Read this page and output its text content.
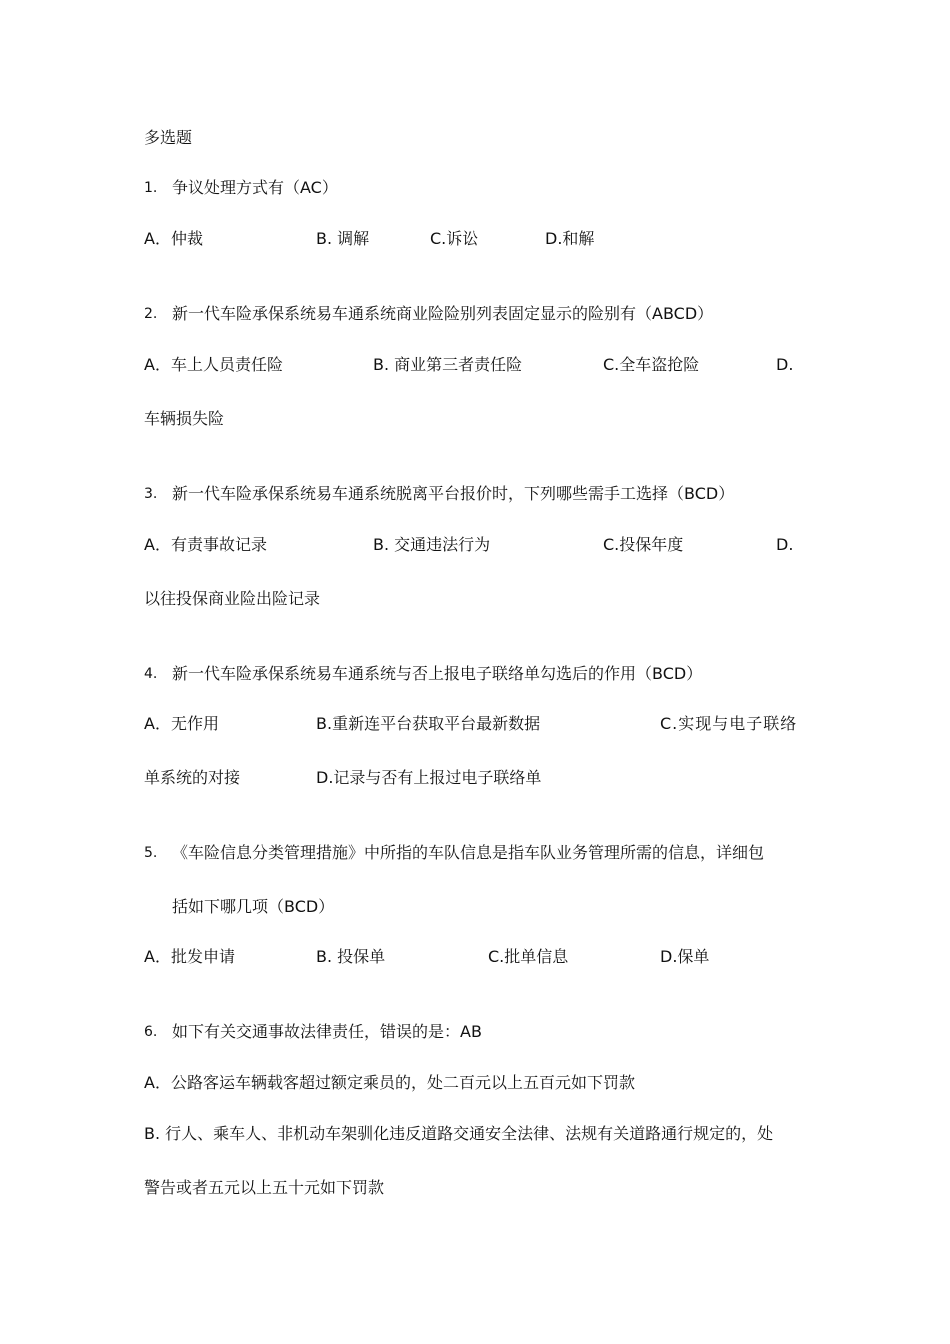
多选题
1. 争议处理方式有（AC）
A．仲裁	B. 调解	C.诉讼	D.和解
2. 新一代车险承保系统易车通系统商业险险别列表固定显示的险别有（ABCD）
A．车上人员责任险	B. 商业第三者责任险	C.全车盗抢险	D.
车辆损失险
3. 新一代车险承保系统易车通系统脱离平台报价时，下列哪些需手工选择（BCD）
A．有责事故记录	B. 交通违法行为	C.投保年度	D.
以往投保商业险出险记录
4. 新一代车险承保系统易车通系统与否上报电子联络单勾选后的作用（BCD）
A．无作用	B.重新连平台获取平台最新数据	C.实现与电子联络
单系统的对接	D.记录与否有上报过电子联络单
5. 《车险信息分类管理措施》中所指的车队信息是指车队业务管理所需的信息，详细包
括如下哪几项（BCD）
A．批发申请	B. 投保单	C.批单信息	D.保单
6. 如下有关交通事故法律责任，错误的是：AB
A．公路客运车辆载客超过额定乘员的，处二百元以上五百元如下罚款
B. 行人、乘车人、非机动车架驯化违反道路交通安全法律、法规有关道路通行规定的，处
警告或者五元以上五十元如下罚款
